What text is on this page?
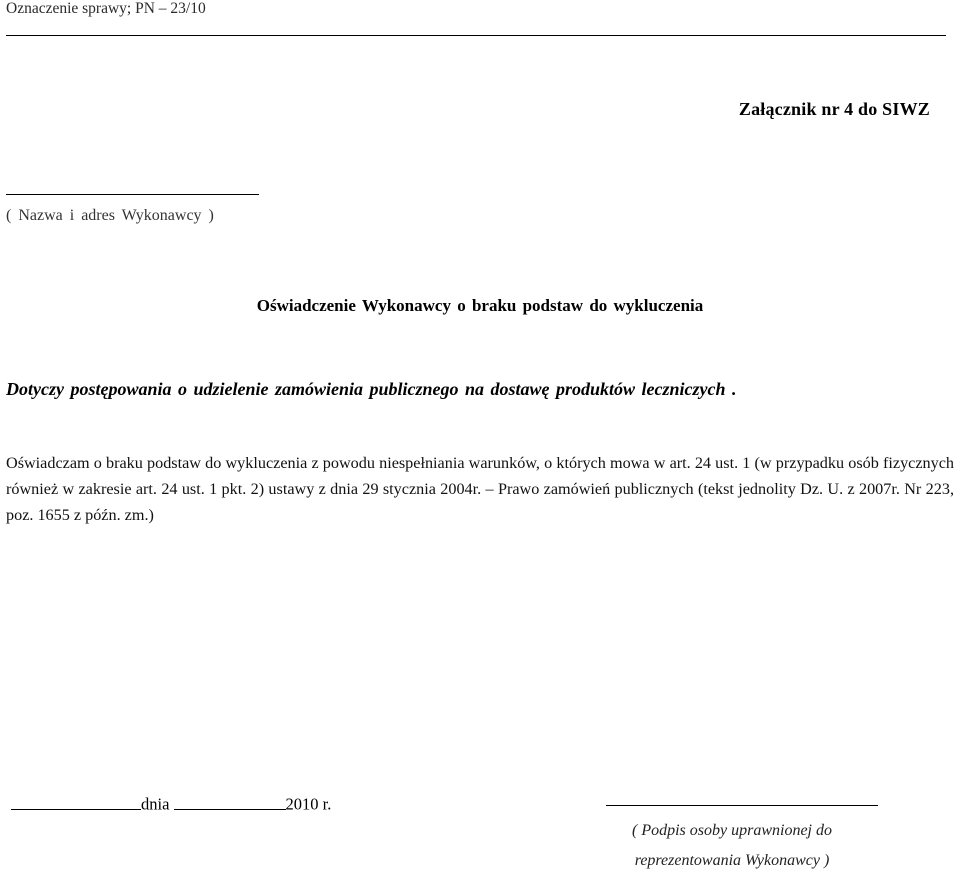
Oznaczenie sprawy; PN – 23/10
Załącznik nr 4 do SIWZ
( Nazwa i adres Wykonawcy )
Oświadczenie Wykonawcy o braku podstaw do wykluczenia
Dotyczy postępowania o udzielenie zamówienia publicznego na dostawę produktów leczniczych .
Oświadczam o braku podstaw do wykluczenia z powodu niespełniania warunków, o których mowa w art. 24 ust. 1 (w przypadku osób fizycznych również w zakresie art. 24 ust. 1 pkt. 2) ustawy z dnia 29 stycznia 2004r. – Prawo zamówień publicznych (tekst jednolity Dz. U. z 2007r. Nr 223, poz. 1655 z późn. zm.)
dnia	2010 r.
( Podpis osoby uprawnionej do
reprezentowania Wykonawcy )
